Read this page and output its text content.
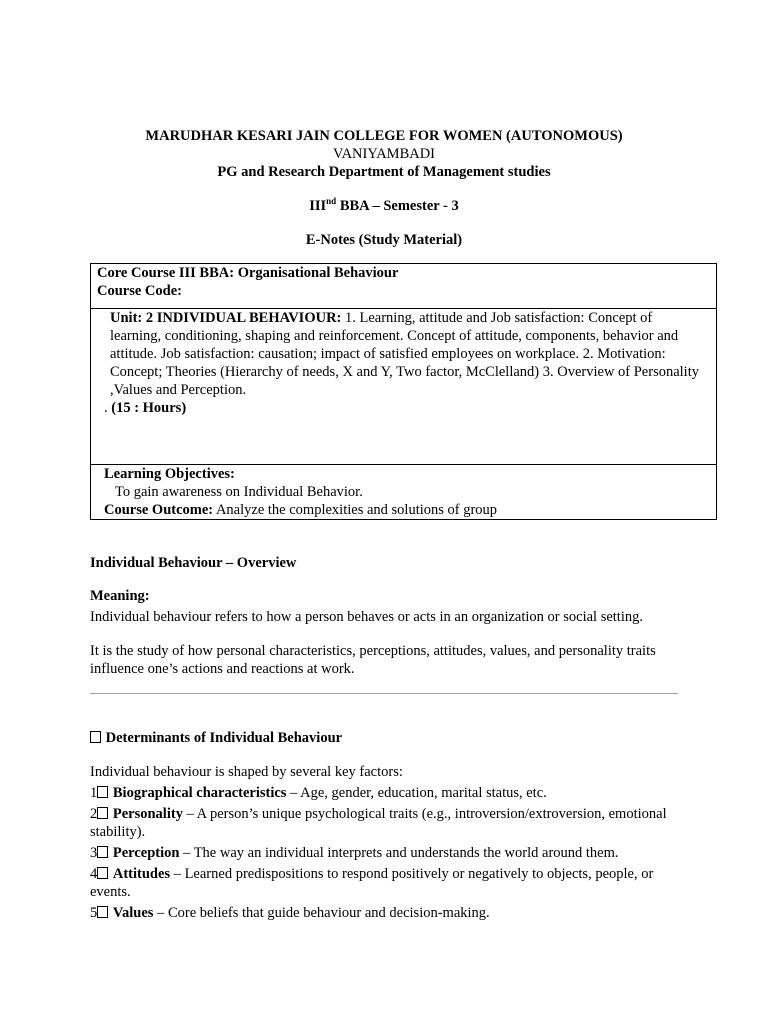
MARUDHAR KESARI JAIN COLLEGE FOR WOMEN (AUTONOMOUS)
VANIYAMBADI
PG and Research Department of Management studies
IIInd BBA – Semester - 3
E-Notes (Study Material)
Core Course III BBA: Organisational Behaviour
Course Code:
Unit: 2 INDIVIDUAL BEHAVIOUR: 1. Learning, attitude and Job satisfaction: Concept of learning, conditioning, shaping and reinforcement. Concept of attitude, components, behavior and attitude. Job satisfaction: causation; impact of satisfied employees on workplace. 2. Motivation: Concept; Theories (Hierarchy of needs, X and Y, Two factor, McClelland) 3. Overview of Personality ,Values and Perception.
. (15 : Hours)
Learning Objectives:
To gain awareness on Individual Behavior.
Course Outcome: Analyze the complexities and solutions of group
Individual Behaviour – Overview
Meaning:
Individual behaviour refers to how a person behaves or acts in an organization or social setting.
It is the study of how personal characteristics, perceptions, attitudes, values, and personality traits influence one’s actions and reactions at work.
Determinants of Individual Behaviour
Individual behaviour is shaped by several key factors:
1 Biographical characteristics – Age, gender, education, marital status, etc.
2 Personality – A person’s unique psychological traits (e.g., introversion/extroversion, emotional stability).
3 Perception – The way an individual interprets and understands the world around them.
4 Attitudes – Learned predispositions to respond positively or negatively to objects, people, or events.
5 Values – Core beliefs that guide behaviour and decision-making.
